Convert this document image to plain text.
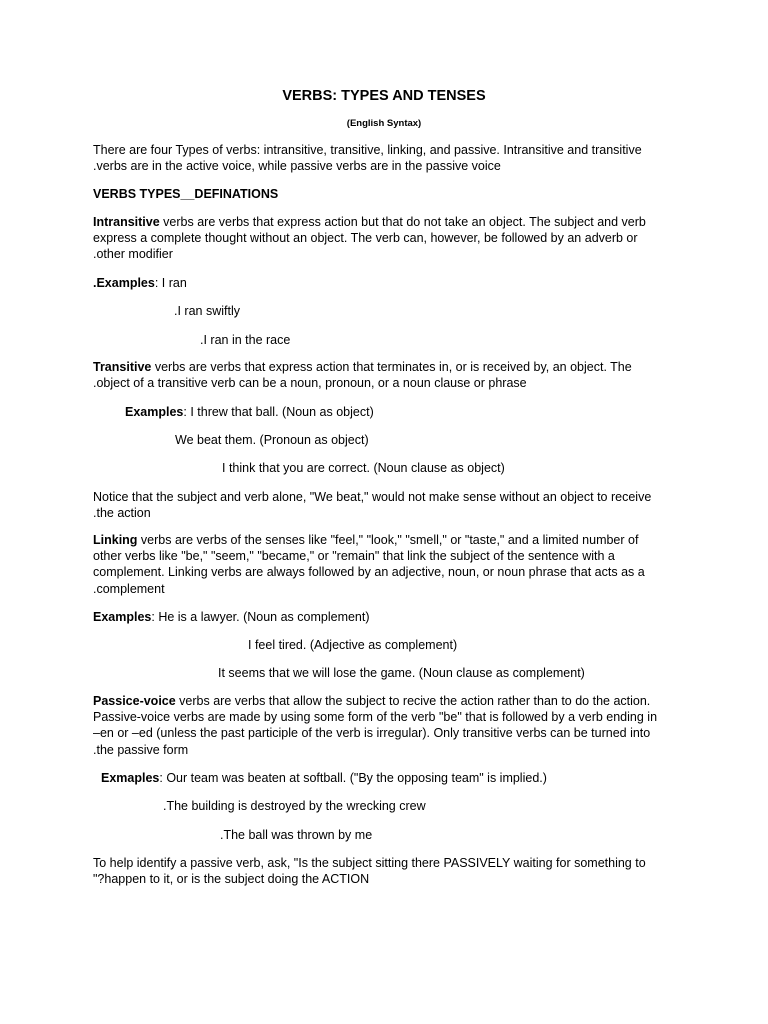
VERBS: TYPES AND TENSES
(English Syntax)
There are four Types of verbs: intransitive, transitive, linking, and passive. Intransitive and transitive
.verbs are in the active voice, while passive verbs are in the passive voice
VERBS TYPES__DEFINATIONS
Intransitive verbs are verbs that express action but that do not take an object. The subject and verb
express a complete thought without an object. The verb can, however, be followed by an adverb or
.other modifier
.Examples: I ran
.I ran swiftly
.I ran in the race
Transitive verbs are verbs that express action that terminates in, or is received by, an object. The
.object of a transitive verb can be a noun, pronoun, or a noun clause or phrase
Examples: I threw that ball. (Noun as object)
We beat them. (Pronoun as object)
I think that you are correct. (Noun clause as object)
Notice that the subject and verb alone, "We beat," would not make sense without an object to receive
.the action
Linking verbs are verbs of the senses like "feel," "look," "smell," or "taste," and a limited number of
other verbs like "be," "seem," "became," or "remain" that link the subject of the sentence with a
complement. Linking verbs are always followed by an adjective, noun, or noun phrase that acts as a
.complement
Examples: He is a lawyer. (Noun as complement)
I feel tired. (Adjective as complement)
It seems that we will lose the game. (Noun clause as complement)
Passice-voice verbs are verbs that allow the subject to recive the action rather than to do the action.
Passive-voice verbs are made by using some form of the verb "be" that is followed by a verb ending in
–en or –ed (unless the past participle of the verb is irregular). Only transitive verbs can be turned into
.the passive form
Exmaples: Our team was beaten at softball. ("By the opposing team" is implied.)
.The building is destroyed by the wrecking crew
.The ball was thrown by me
To help identify a passive verb, ask, "Is the subject sitting there PASSIVELY waiting for something to
"?happen to it, or is the subject doing the ACTION
